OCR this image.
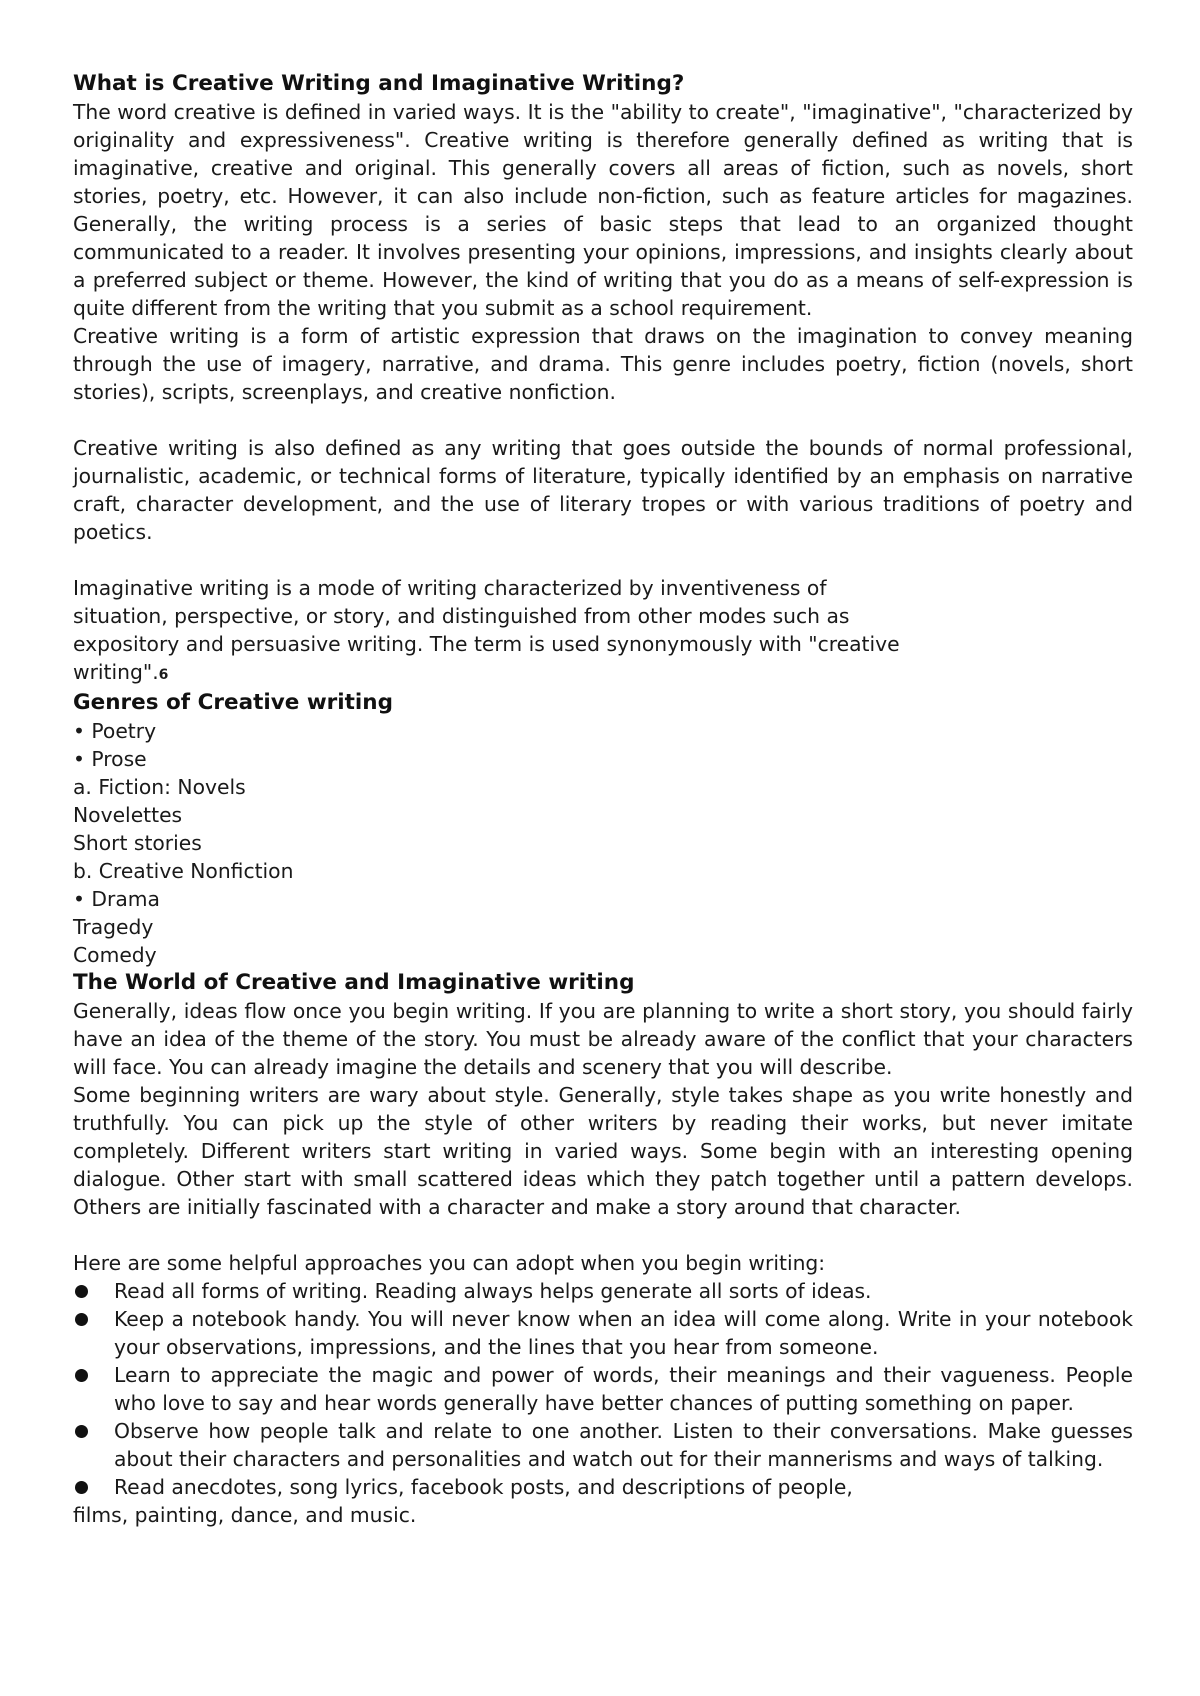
What is Creative Writing and Imaginative Writing?

The word creative is defined in varied ways. It is the "ability to create", "imaginative", "characterized by originality and expressiveness". Creative writing is therefore generally defined as writing that is imaginative, creative and original. This generally covers all areas of fiction, such as novels, short stories, poetry, etc. However, it can also include non-fiction, such as feature articles for magazines. Generally, the writing process is a series of basic steps that lead to an organized thought communicated to a reader. It involves presenting your opinions, impressions, and insights clearly about a preferred subject or theme. However, the kind of writing that you do as a means of self-expression is quite different from the writing that you submit as a school requirement.

Creative writing is a form of artistic expression that draws on the imagination to convey meaning through the use of imagery, narrative, and drama. This genre includes poetry, fiction (novels, short stories), scripts, screenplays, and creative nonfiction.

Creative writing is also defined as any writing that goes outside the bounds of normal professional, journalistic, academic, or technical forms of literature, typically identified by an emphasis on narrative craft, character development, and the use of literary tropes or with various traditions of poetry and poetics.

Imaginative writing is a mode of writing characterized by inventiveness of
situation, perspective, or story, and distinguished from other modes such as
expository and persuasive writing. The term is used synonymously with "creative
writing".6
Genres of Creative writing
• Poetry
• Prose
a. Fiction: Novels
Novelettes
Short stories
b. Creative Nonfiction
• Drama
Tragedy
Comedy
The World of Creative and Imaginative writing

Generally, ideas flow once you begin writing. If you are planning to write a short story, you should fairly have an idea of the theme of the story. You must be already aware of the conflict that your characters will face. You can already imagine the details and scenery that you will describe.

Some beginning writers are wary about style. Generally, style takes shape as you write honestly and truthfully. You can pick up the style of other writers by reading their works, but never imitate completely. Different writers start writing in varied ways. Some begin with an interesting opening dialogue. Other start with small scattered ideas which they patch together until a pattern develops. Others are initially fascinated with a character and make a story around that character.

Here are some helpful approaches you can adopt when you begin writing:

Read all forms of writing. Reading always helps generate all sorts of ideas.
Keep a notebook handy. You will never know when an idea will come along. Write in your notebook your observations, impressions, and the lines that you hear from someone.
Learn to appreciate the magic and power of words, their meanings and their vagueness. People who love to say and hear words generally have better chances of putting something on paper.
Observe how people talk and relate to one another. Listen to their conversations. Make guesses about their characters and personalities and watch out for their mannerisms and ways of talking.
Read anecdotes, song lyrics, facebook posts, and descriptions of people,

films, painting, dance, and music.
